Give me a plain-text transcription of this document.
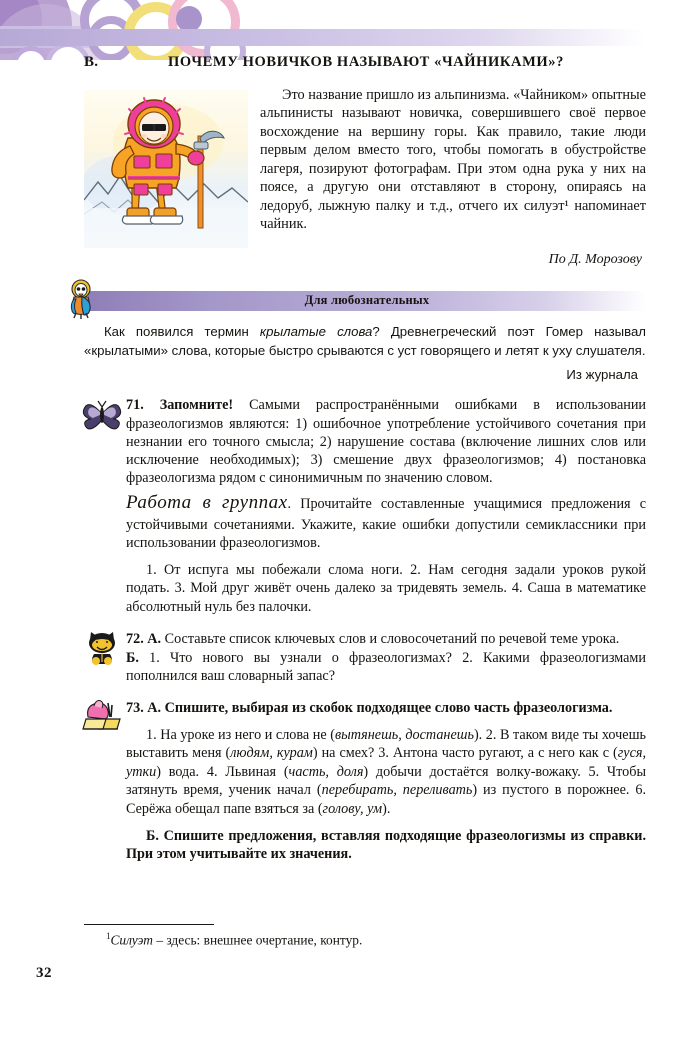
В.	ПОЧЕМУ НОВИЧКОВ НАЗЫВАЮТ «ЧАЙНИКАМИ»?

Это название пришло из альпинизма. «Чайником» опытные альпинисты называют новичка, совершившего своё первое восхождение на вершину горы. Как правило, такие люди первым делом вместо того, чтобы помогать в обустройстве лагеря, позируют фотографам. При этом одна рука у них на поясе, а другую они отставляют в сторону, опираясь на ледоруб, лыжную палку и т.д., отчего их силуэт¹ напоминает чайник.

По Д. Морозову
Для любознательных

Как появился термин крылатые слова? Древнегреческий поэт Гомер называл «крылатыми» слова, которые быстро срываются с уст говорящего и летят к уху слушателя.

Из журнала

71. Запомните! Самыми распространёнными ошибками в использовании фразеологизмов являются: 1) ошибочное употребление устойчивого сочетания при незнании его точного смысла; 2) нарушение состава (включение лишних слов или исключение необходимых); 3) смешение двух фразеологизмов; 4) постановка фразеологизма рядом с синонимичным по значению словом.

Работа в группах. Прочитайте составленные учащимися предложения с устойчивыми сочетаниями. Укажите, какие ошибки допустили семиклассники при использовании фразеологизмов.

1. От испуга мы побежали слома ноги. 2. Нам сегодня задали уроков рукой подать. 3. Мой друг живёт очень далеко за тридевять земель. 4. Саша в математике абсолютный нуль без палочки.

72. А. Составьте список ключевых слов и словосочетаний по речевой теме урока.

Б. 1. Что нового вы узнали о фразеологизмах? 2. Какими фразеологизмами пополнился ваш словарный запас?

73. А. Спишите, выбирая из скобок подходящее слово часть фразеологизма.

1. На уроке из него и слова не (вытянешь, достанешь). 2. В таком виде ты хочешь выставить меня (людям, курам) на смех? 3. Антона часто ругают, а с него как с (гуся, утки) вода. 4. Львиная (часть, доля) добычи достаётся волку-вожаку. 5. Чтобы затянуть время, ученик начал (перебирать, переливать) из пустого в порожнее. 6. Серёжа обещал папе взяться за (голову, ум).

Б. Спишите предложения, вставляя подходящие фразеологизмы из справки. При этом учитывайте их значения.

$^1$Силуэт – здесь: внешнее очертание, контур.
32
